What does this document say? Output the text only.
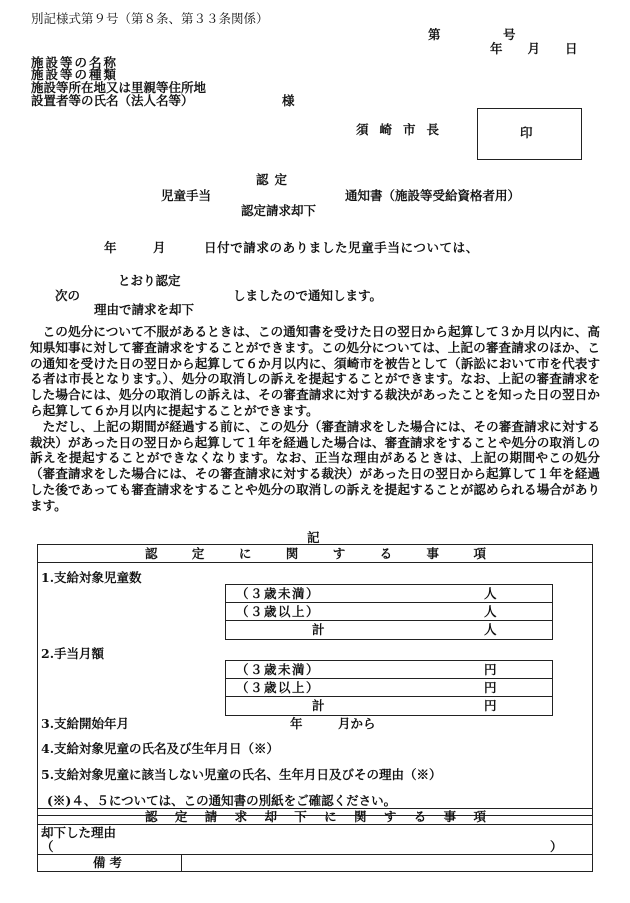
別記様式第９号（第８条、第３３条関係）
第　　　　　号
年　　月　　日
施設等の名称
施設等の種類
施設等所在地又は里親等住所地
設置者等の氏名（法人名等）	様
須崎市長	印
認定
児童手当	通知書（施設等受給資格者用）
認定請求却下
年	月	日付で請求のありました児童手当については、
とおり認定
次の	しましたので通知します。
理由で請求を却下

この処分について不服があるときは、この通知書を受けた日の翌日から起算して３か月以内に、高知県知事に対して審査請求をすることができます。この処分については、上記の審査請求のほか、この通知を受けた日の翌日から起算して６か月以内に、須崎市を被告として（訴訟において市を代表する者は市長となります。）、処分の取消しの訴えを提起することができます。なお、上記の審査請求をした場合には、処分の取消しの訴えは、その審査請求に対する裁決があったことを知った日の翌日から起算して６か月以内に提起することができます。

ただし、上記の期間が経過する前に、この処分（審査請求をした場合には、その審査請求に対する裁決）があった日の翌日から起算して１年を経過した場合は、審査請求をすることや処分の取消しの訴えを提起することができなくなります。なお、正当な理由があるときは、上記の期間やこの処分（審査請求をした場合には、その審査請求に対する裁決）があった日の翌日から起算して１年を経過した後であっても審査請求をすることや処分の取消しの訴えを提起することが認められる場合があります。

記
認	定	に	関	す	る	事	項
1.支給対象児童数
（３歳未満）	人
（３歳以上）	人
計	人
2.手当月額
（３歳未満）	円
（３歳以上）	円
計	円
3.支給開始年月	年	月から
4.支給対象児童の氏名及び生年月日（※）
5.支給対象児童に該当しない児童の氏名、生年月日及びその理由（※）
(※)４、５については、この通知書の別紙をご確認ください。
認 定 請 求 却 下 に 関 す る 事 項
却下した理由
（	）
備考
